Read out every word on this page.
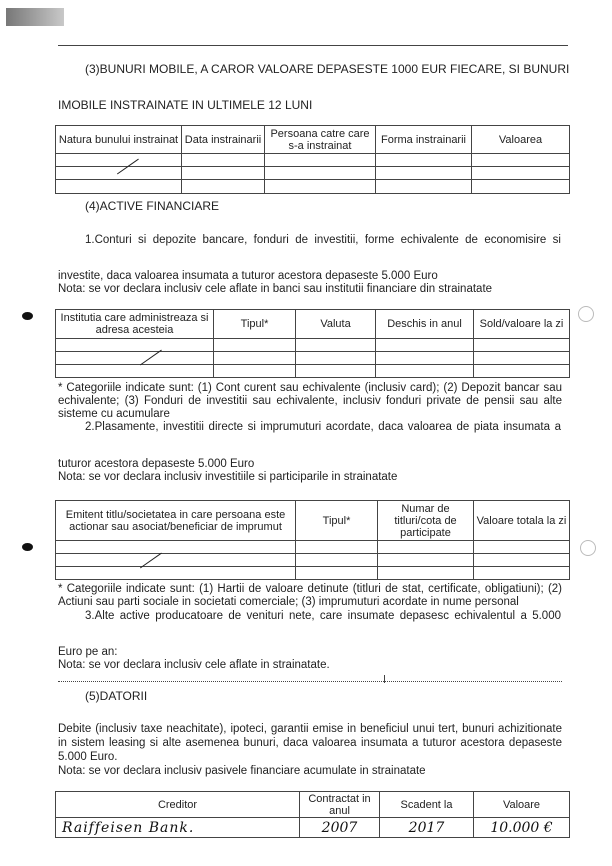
(3)BUNURI MOBILE, A CAROR VALOARE DEPASESTE 1000 EUR FIECARE, SI BUNURI
IMOBILE INSTRAINATE IN ULTIMELE 12 LUNI
Natura bunului instrainat	Data instrainarii	Persoana catre care s-a instrainat	Forma instrainarii	Valoarea

(4)ACTIVE FINANCIARE
1.Conturi si depozite bancare, fonduri de investitii, forme echivalente de economisire si
investite, daca valoarea insumata a tuturor acestora depaseste 5.000 Euro
Nota: se vor declara inclusiv cele aflate in banci sau institutii financiare din strainatate
Institutia care administreaza si adresa acesteia	Tipul*	Valuta	Deschis in anul	Sold/valoare la zi

* Categoriile indicate sunt: (1) Cont curent sau echivalente (inclusiv card); (2) Depozit bancar sau
echivalente; (3) Fonduri de investitii sau echivalente, inclusiv fonduri private de pensii sau alte
sisteme cu acumulare
2.Plasamente, investitii directe si imprumuturi acordate, daca valoarea de piata insumata a
tuturor acestora depaseste 5.000 Euro
Nota: se vor declara inclusiv investitiile si participarile in strainatate
Emitent titlu/societatea in care persoana este actionar sau asociat/beneficiar de imprumut	Tipul*	Numar de titluri/cota de participate	Valoare totala la zi

* Categoriile indicate sunt: (1) Hartii de valoare detinute (titluri de stat, certificate, obligatiuni); (2)
Actiuni sau parti sociale in societati comerciale; (3) imprumuturi acordate in nume personal
3.Alte active producatoare de venituri nete, care insumate depasesc echivalentul a 5.000
Euro pe an:
Nota: se vor declara inclusiv cele aflate in strainatate.
(5)DATORII
Debite (inclusiv taxe neachitate), ipoteci, garantii emise in beneficiul unui tert, bunuri achizitionate
in sistem leasing si alte asemenea bunuri, daca valoarea insumata a tuturor acestora depaseste
5.000 Euro.
Nota: se vor declara inclusiv pasivele financiare acumulate in strainatate
Creditor	Contractat in anul	Scadent la	Valoare
Raiffeisen Bank.	2007	2017	10.000 €
